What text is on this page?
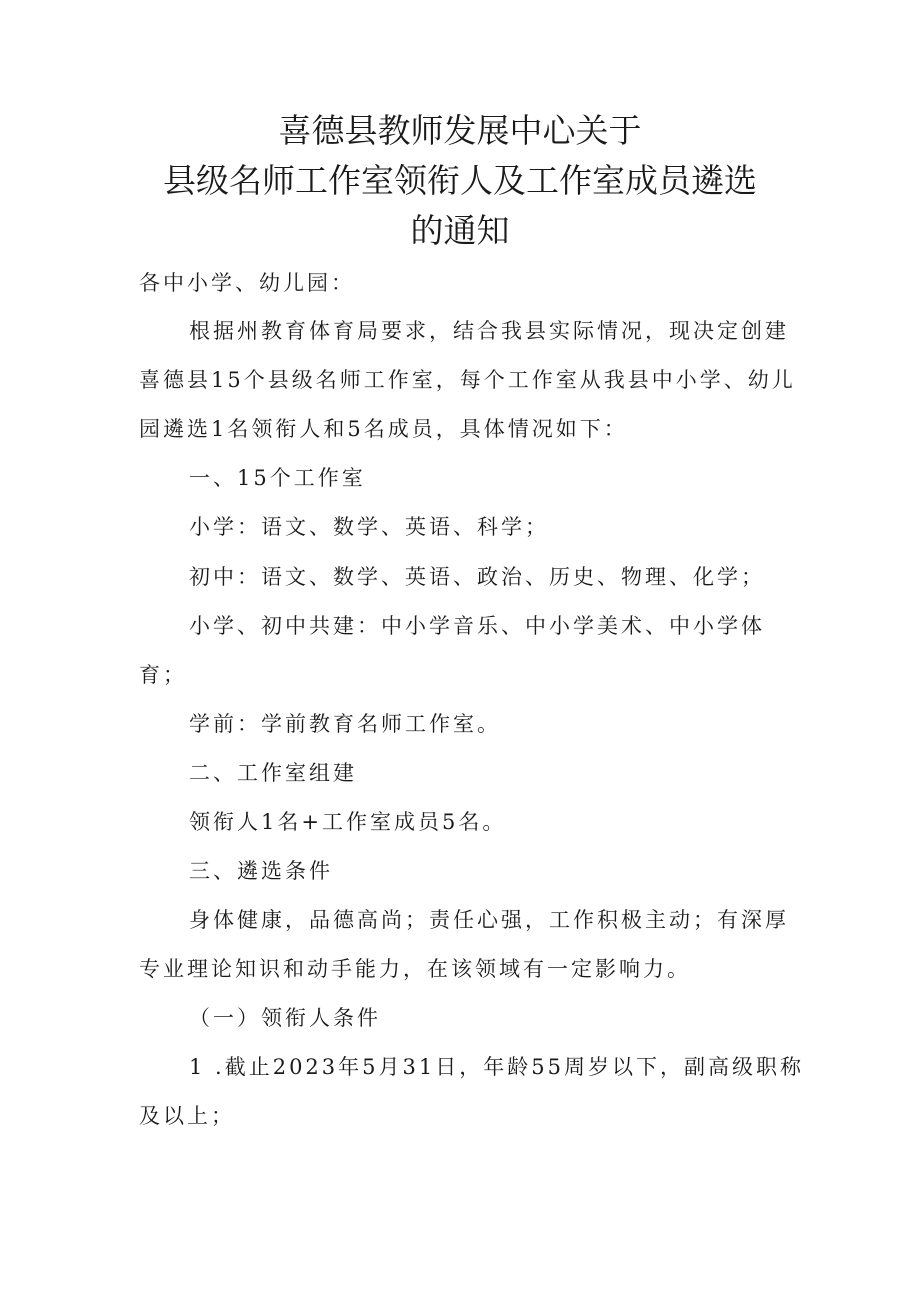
喜德县教师发展中心关于
县级名师工作室领衔人及工作室成员遴选
的通知
各中小学、幼儿园：
根据州教育体育局要求，结合我县实际情况，现决定创建
喜德县15个县级名师工作室，每个工作室从我县中小学、幼儿
园遴选1名领衔人和5名成员，具体情况如下：
一、15个工作室
小学：语文、数学、英语、科学；
初中：语文、数学、英语、政治、历史、物理、化学；
小学、初中共建：中小学音乐、中小学美术、中小学体
育；
学前：学前教育名师工作室。
二、工作室组建
领衔人1名+工作室成员5名。
三、遴选条件
身体健康，品德高尚；责任心强，工作积极主动；有深厚
专业理论知识和动手能力，在该领域有一定影响力。
（一）领衔人条件
1 .截止2023年5月31日，年龄55周岁以下，副高级职称
及以上；
